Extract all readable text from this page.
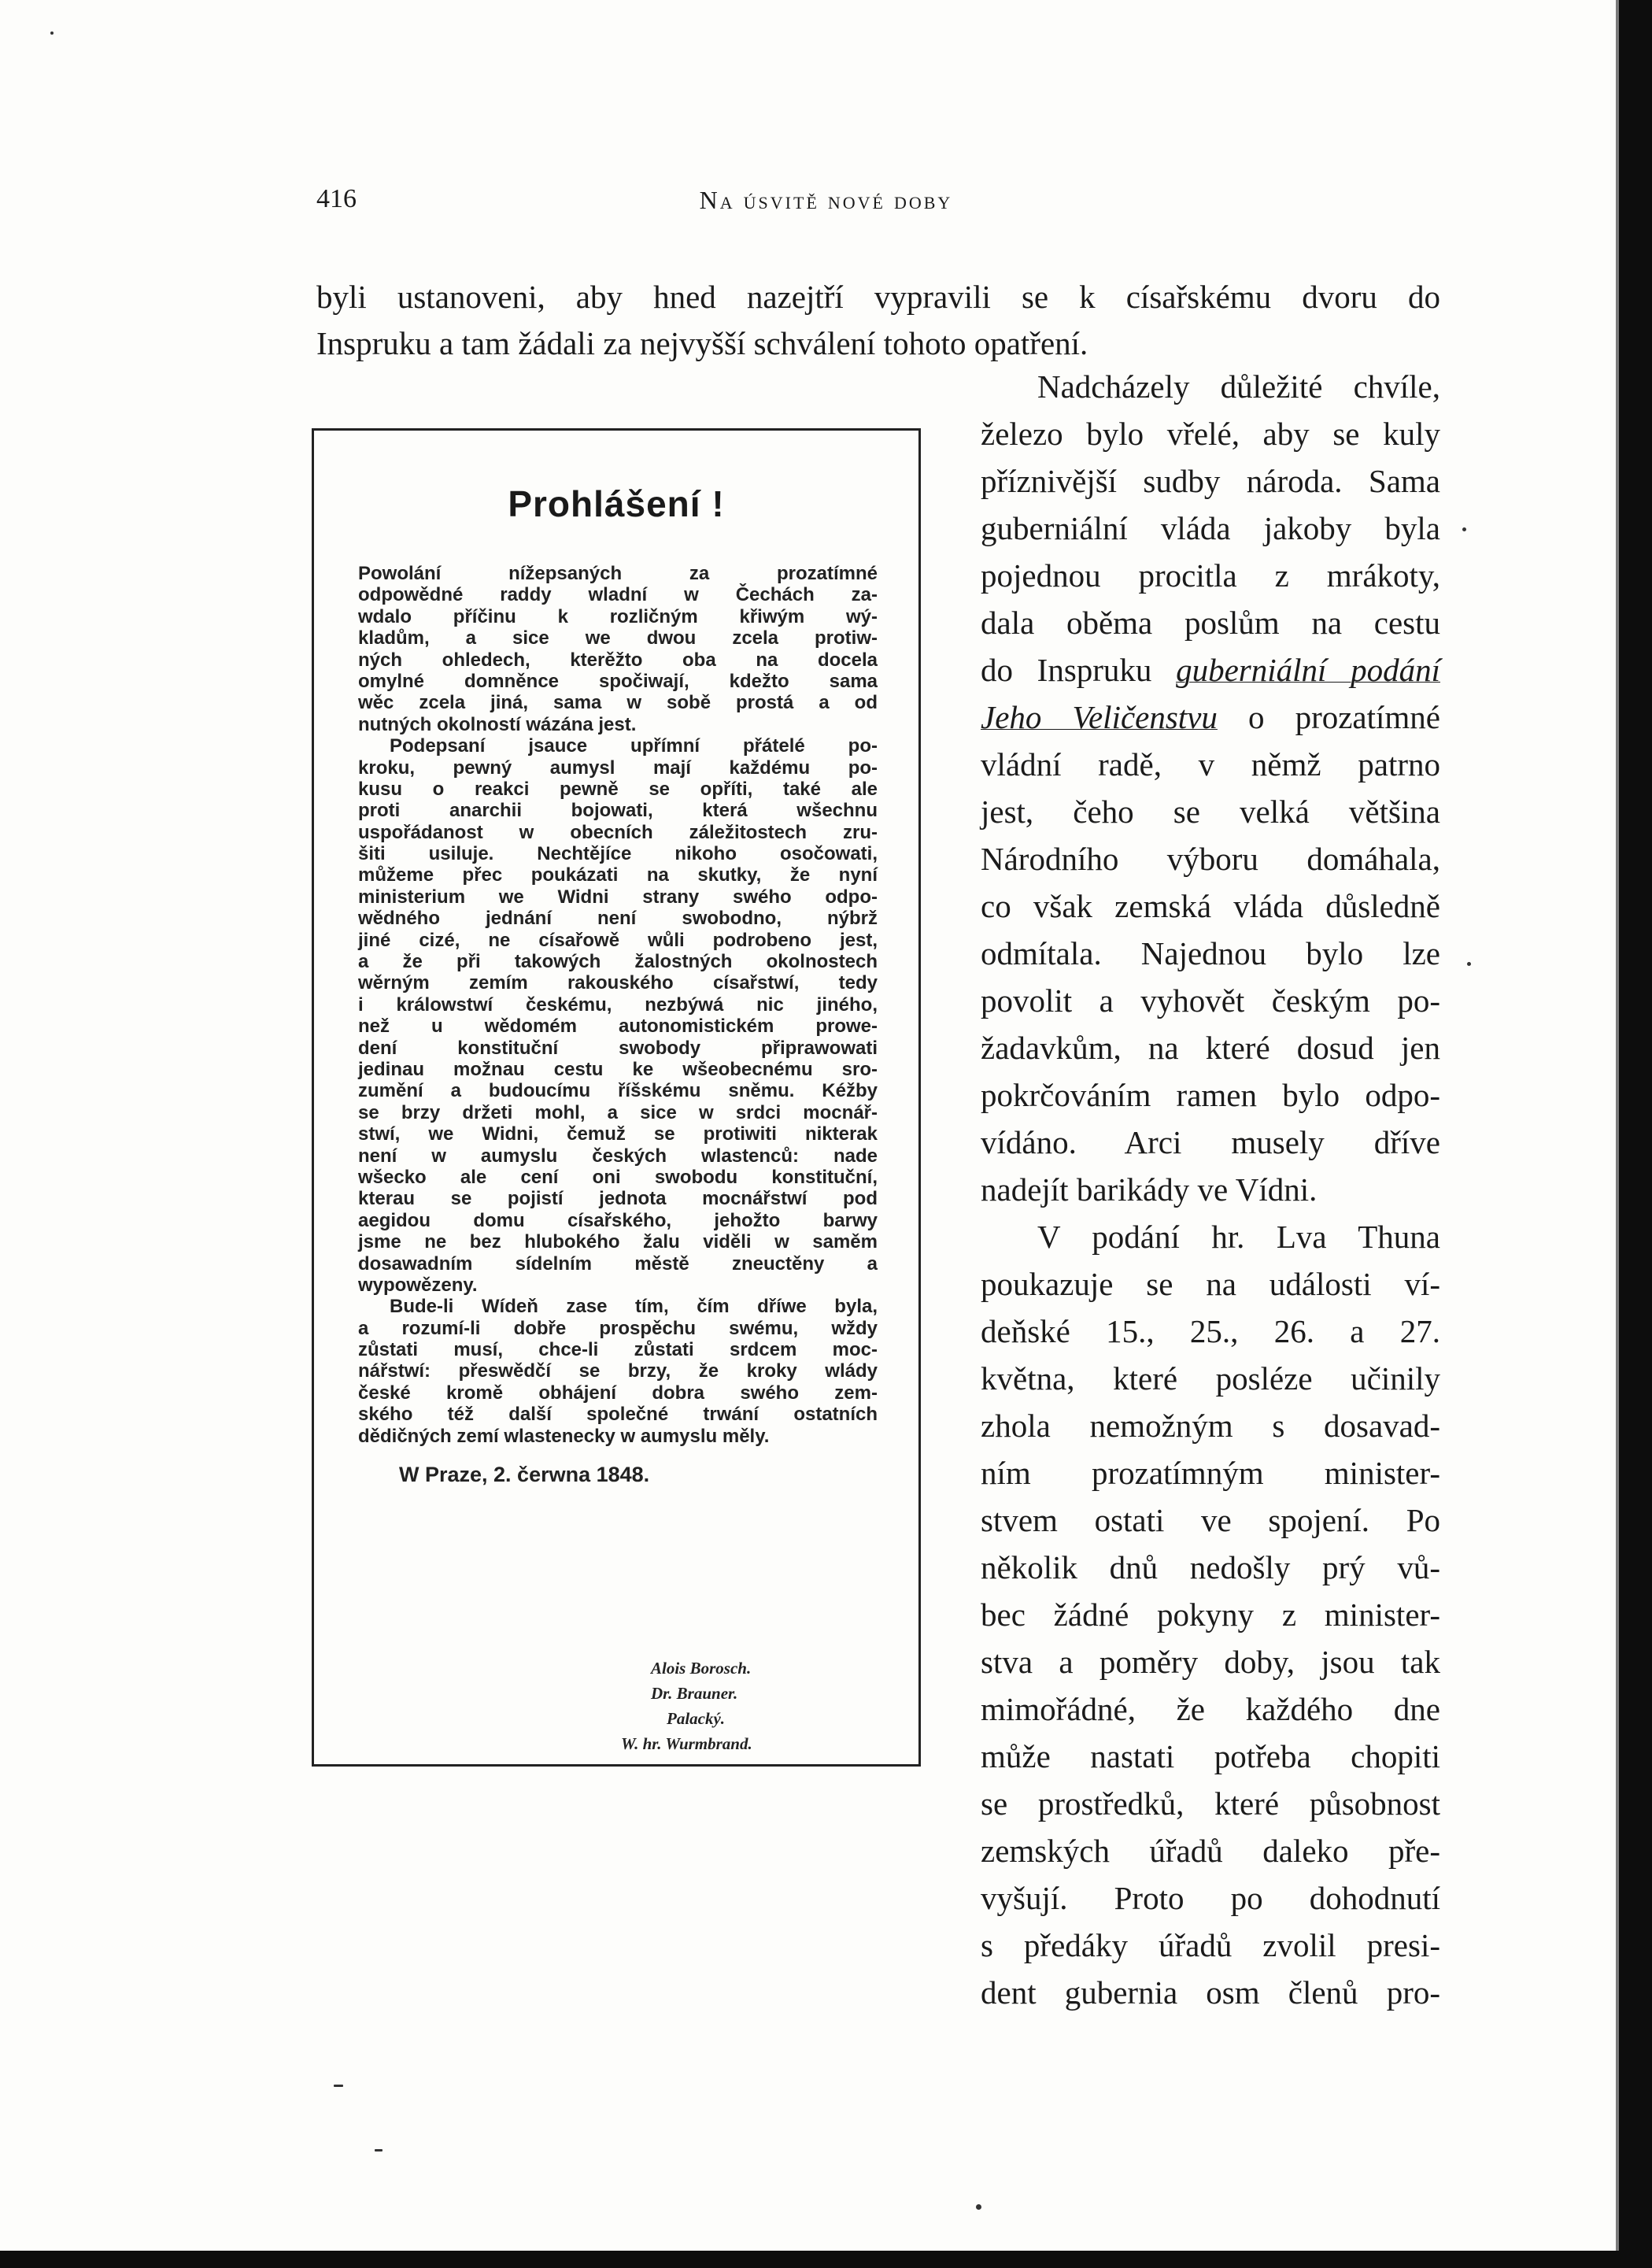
416	Na úsvitě nové doby
byli ustanoveni, aby hned nazejtří vypravili se k císařskému dvoru do
Inspruku a tam žádali za nejvyšší schválení tohoto opatření.
Prohlášení !
Powolání nížepsaných za prozatímné
odpowědné raddy wladní w Čechách za-
wdalo příčinu k rozličným křiwým wý-
kladům, a sice we dwou zcela protiw-
ných ohledech, kterěžto oba na docela
omylné domněnce spočiwají, kdežto sama
wěc zcela jiná, sama w sobě prostá a od
nutných okolností wázána jest.
Podepsaní jsauce upřímní přátelé po-
kroku, pewný aumysl mají každému po-
kusu o reakci pewně se opříti, také ale
proti anarchii bojowati, která wšechnu
uspořádanost w obecních záležitostech zru-
šiti usiluje. Nechtějíce nikoho osočowati,
můžeme přec poukázati na skutky, že nyní
ministerium we Widni strany swého odpo-
wědného jednání není swobodno, nýbrž
jiné cizé, ne císařowě wůli podrobeno jest,
a že při takowých žalostných okolnostech
wěrným zemím rakouského císařstwí, tedy
i králowstwí českému, nezbýwá nic jiného,
než u wědomém autonomistickém prowe-
dení konstituční swobody připrawowati
jedinau možnau cestu ke wšeobecnému sro-
zumění a budoucímu říšskému sněmu. Kéžby
se brzy držeti mohl, a sice w srdci mocnář-
stwí, we Widni, čemuž se protiwiti nikterak
není w aumyslu českých wlastenců: nade
wšecko ale cení oni swobodu konstituční,
kterau se pojistí jednota mocnářstwí pod
aegidou domu císařského, jehožto barwy
jsme ne bez hlubokého žalu viděli w saměm
dosawadním sídelním městě zneuctěny a
wypowězeny.
Bude-li Wídeň zase tím, čím dříwe byla,
a rozumí-li dobře prospěchu swému, wždy
zůstati musí, chce-li zůstati srdcem moc-
nářstwí: přeswědčí se brzy, že kroky wlády
české kromě obhájení dobra swého zem-
ského též další společné trwání ostatních
dědičných zemí wlastenecky w aumyslu měly.
W Praze, 2. čerwna 1848.
Alois Borosch.
Dr. Brauner.
Palacký.
W. hr. Wurmbrand.
Nadcházely důležité chvíle,
železo bylo vřelé, aby se kuly
příznivější sudby národa. Sama
guberniální vláda jakoby byla
pojednou procitla z mrákoty,
dala oběma poslům na cestu
do Inspruku guberniální podání
Jeho Veličenstvu o prozatímné
vládní radě, v němž patrno
jest, čeho se velká většina
Národního výboru domáhala,
co však zemská vláda důsledně
odmítala. Najednou bylo lze
povolit a vyhovět českým po-
žadavkům, na které dosud jen
pokrčováním ramen bylo odpo-
vídáno. Arci musely dříve
nadejít barikády ve Vídni.
V podání hr. Lva Thuna
poukazuje se na události ví-
deňské 15., 25., 26. a 27.
května, které posléze učinily
zhola nemožným s dosavad-
ním prozatímným minister-
stvem ostati ve spojení. Po
několik dnů nedošly prý vů-
bec žádné pokyny z minister-
stva a poměry doby, jsou tak
mimořádné, že každého dne
může nastati potřeba chopiti
se prostředků, které působnost
zemských úřadů daleko pře-
vyšují. Proto po dohodnutí
s předáky úřadů zvolil presi-
dent gubernia osm členů pro-
